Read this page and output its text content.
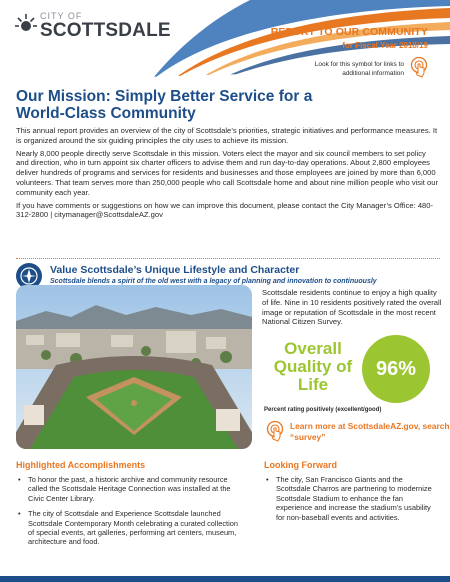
CITY OF
SCOTTSDALE	REPORT TO OUR COMMUNITY
for Fiscal Year 2018/19
Look for this symbol for links to additional information
Our Mission: Simply Better Service for a World-Class Community

This annual report provides an overview of the city of Scottsdale’s priorities, strategic initiatives and performance measures. It is organized around the six guiding principles the city uses to achieve its mission.

Nearly 8,000 people directly serve Scottsdale in this mission. Voters elect the mayor and six council members to set policy and direction, who in turn appoint six charter officers to advise them and run day-to-day operations. About 2,800 employees deliver hundreds of programs and services for residents and businesses and those employees are joined by more than 6,000 volunteers. That team serves more than 250,000 people who call Scottsdale home and about nine million people who visit our community each year.

If you have comments or suggestions on how we can improve this document, please contact the City Manager’s Office: 480-312-2800 | citymanager@ScottsdaleAZ.gov

Value Scottsdale’s Unique Lifestyle and Character
Scottsdale blends a spirit of the old west with a legacy of planning and innovation to continuously
Scottsdale residents continue to enjoy a high quality of life. Nine in 10 residents positively rated the overall image or reputation of Scottsdale in the most recent National Citizen Survey.
Overall Quality of Life
96%
Percent rating positively (excellent/good)
Learn more at ScottsdaleAZ.gov, search “survey”
Highlighted Accomplishments
• To honor the past, a historic archive and community resource called the Scottsdale Heritage Connection was installed at the Civic Center Library.
• The city of Scottsdale and Experience Scottsdale launched Scottsdale Contemporary Month celebrating a curated collection of special events, art galleries, performing art centers, museum, architecture and food.
Looking Forward
• The city, San Francisco Giants and the Scottsdale Charros are partnering to modernize Scottsdale Stadium to enhance the fan experience and increase the stadium’s usability for non-baseball events and activities.
